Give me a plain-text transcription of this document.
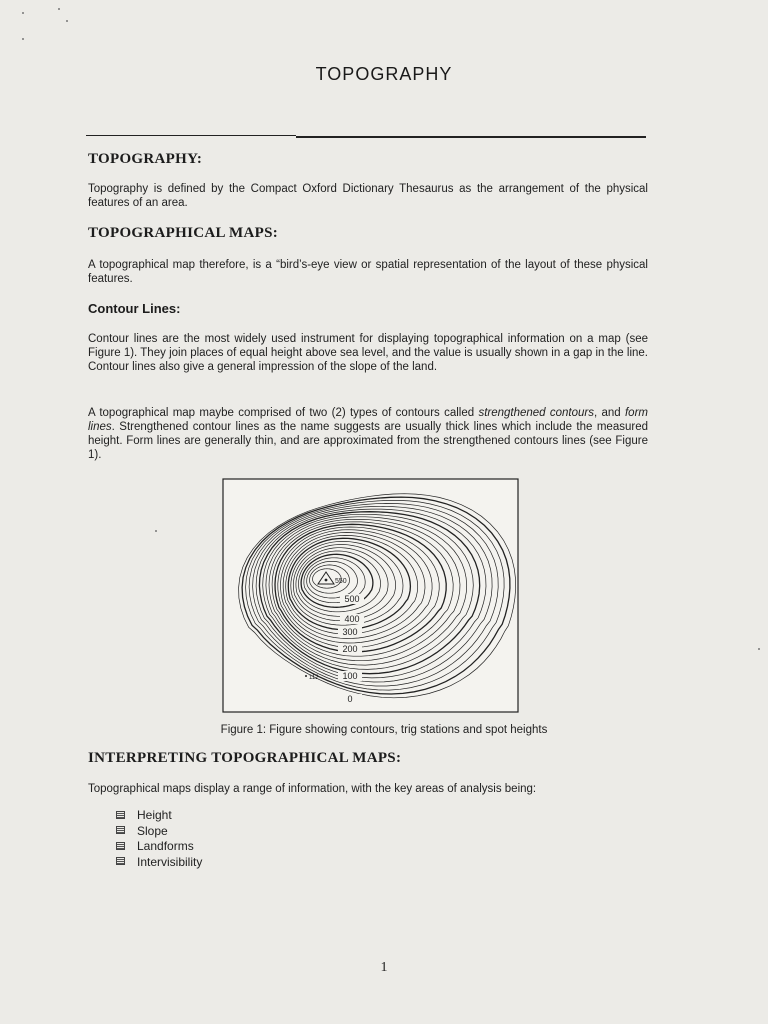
TOPOGRAPHY
TOPOGRAPHY:

Topography is defined by the Compact Oxford Dictionary Thesaurus as the arrangement of the physical features of an area.

TOPOGRAPHICAL MAPS:

A topographical map therefore, is a “bird’s-eye view or spatial representation of the layout of these physical features.

Contour Lines:

Contour lines are the most widely used instrument for displaying topographical information on a map (see Figure 1). They join places of equal height above sea level, and the value is usually shown in a gap in the line. Contour lines also give a general impression of the slope of the land.

A topographical map maybe comprised of two (2) types of contours called strengthened contours, and form lines. Strengthened contour lines as the name suggests are usually thick lines which include the measured height. Form lines are generally thin, and are approximated from the strengthened contours lines (see Figure 1).

500
400
300
200
100
0
550
112
Figure 1: Figure showing contours, trig stations and spot heights
INTERPRETING TOPOGRAPHICAL MAPS:

Topographical maps display a range of information, with the key areas of analysis being:

Height
Slope
Landforms
Intervisibility
1
